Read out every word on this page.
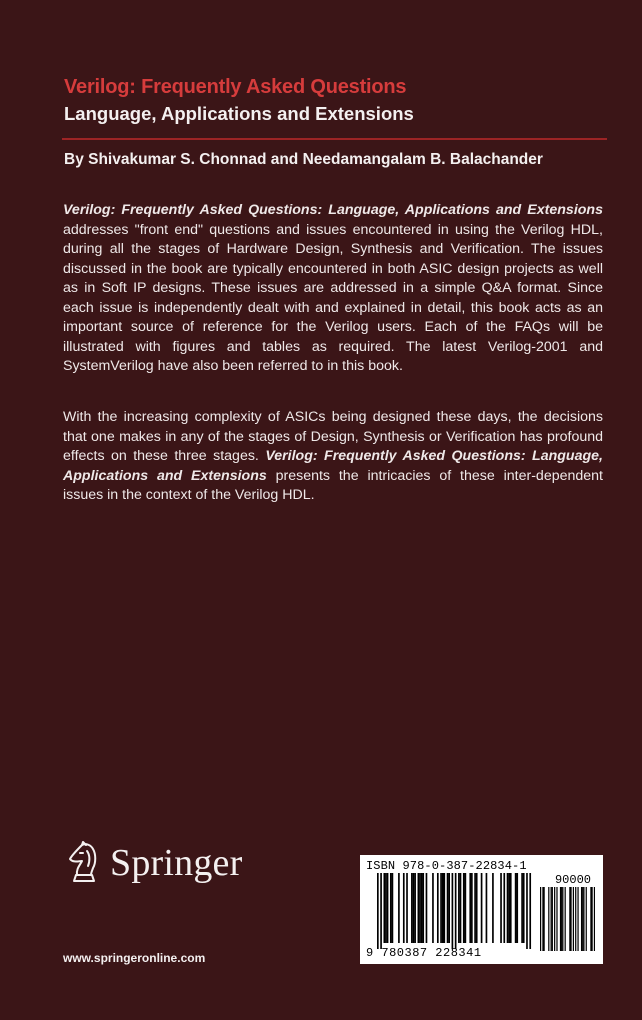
Verilog: Frequently Asked Questions
Language, Applications and Extensions
By Shivakumar S. Chonnad and Needamangalam B. Balachander
Verilog: Frequently Asked Questions: Language, Applications and Extensions addresses "front end" questions and issues encountered in using the Verilog HDL, during all the stages of Hardware Design, Synthesis and Verification. The issues discussed in the book are typically encountered in both ASIC design projects as well as in Soft IP designs. These issues are addressed in a simple Q&A format. Since each issue is independently dealt with and explained in detail, this book acts as an important source of reference for the Verilog users. Each of the FAQs will be illustrated with figures and tables as required. The latest Verilog-2001 and SystemVerilog have also been referred to in this book.
With the increasing complexity of ASICs being designed these days, the decisions that one makes in any of the stages of Design, Synthesis or Verification has profound effects on these three stages. Verilog: Frequently Asked Questions: Language, Applications and Extensions presents the intricacies of these inter-dependent issues in the context of the Verilog HDL.
Springer
www.springeronline.com
ISBN 978-0-387-22834-1
90000
9 780387 228341
